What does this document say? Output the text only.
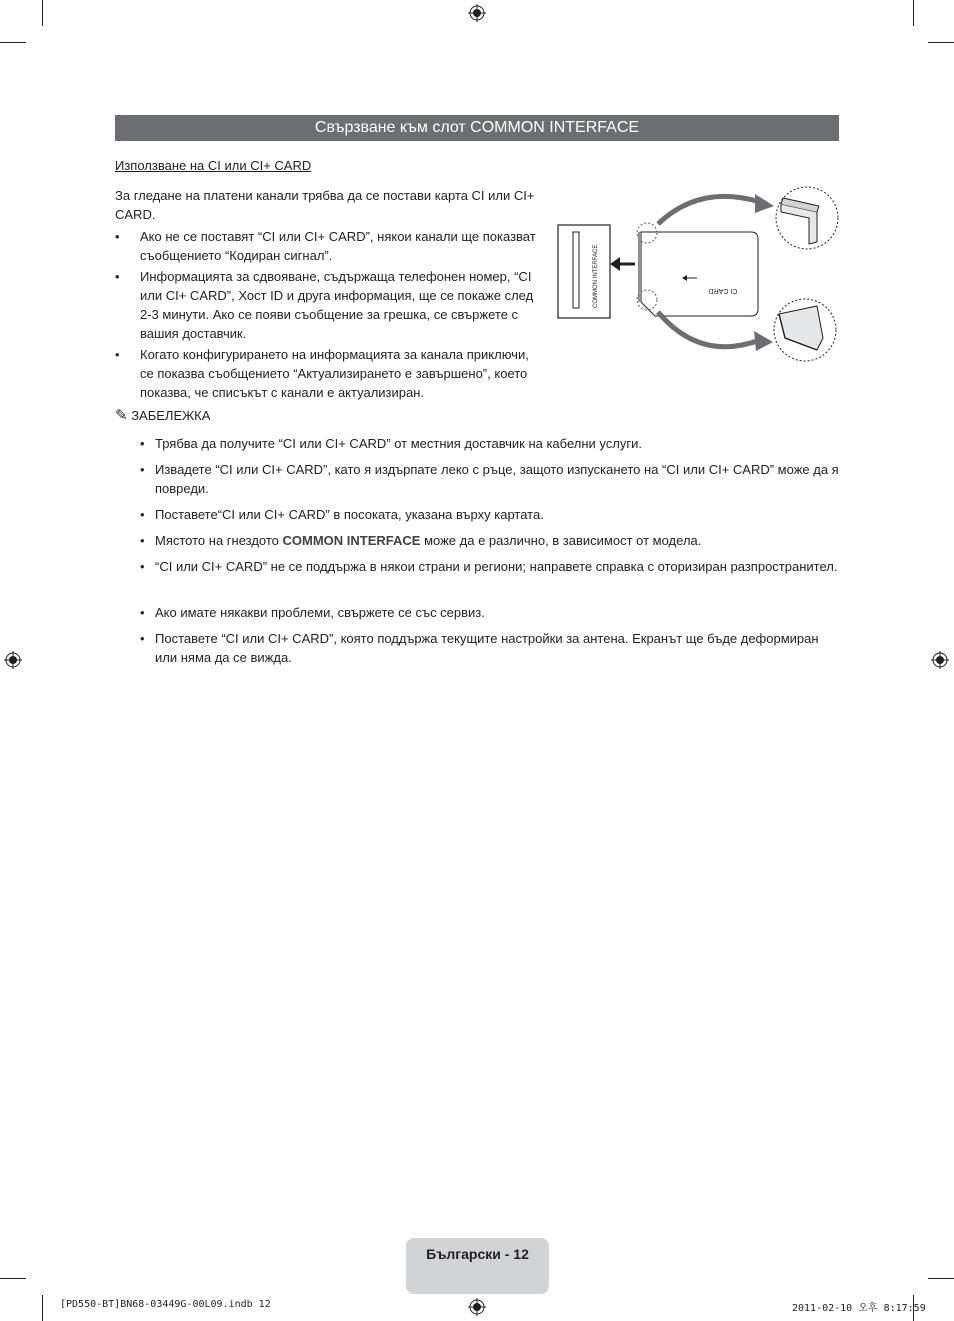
Свързване към слот COMMON INTERFACE
Използване на CI или CI+ CARD
За гледане на платени канали трябва да се постави карта CI или CI+ CARD.
•	Ако не се поставят “CI или CI+ CARD”, някои канали ще показват съобщението “Кодиран сигнал”.
•	Информацията за сдвояване, съдържаща телефонен номер, “CI или CI+ CARD”, Хост ID и друга информация, ще се покаже след 2-3 минути. Ако се появи съобщение за грешка, се свържете с вашия доставчик.
•	Когато конфигурирането на информацията за канала приключи, се показва съобщението “Актуализирането е завършено”, което показва, че списъкът с канали е актуализиран.
COMMON INTERFACE	CI CARD
✎ ЗАБЕЛЕЖКА
• Трябва да получите “CI или CI+ CARD” от местния доставчик на кабелни услуги.
• Извадете “CI или CI+ CARD”, като я издърпате леко с ръце, защото изпускането на “CI или CI+ CARD” може да я повреди.
• Поставете“CI или CI+ CARD” в посоката, указана върху картата.
• Мястото на гнездото COMMON INTERFACE може да е различно, в зависимост от модела.
• “CI или CI+ CARD” не се поддържа в някои страни и региони; направете справка с оторизиран разпространител.
• Ако имате някакви проблеми, свържете се със сервиз.
• Поставете “CI или CI+ CARD”, която поддържа текущите настройки за антена. Екранът ще бъде деформиран или няма да се вижда.
Български - 12
[PD550-BT]BN68-03449G-00L09.indb 12	2011-02-10 오후 8:17:59
